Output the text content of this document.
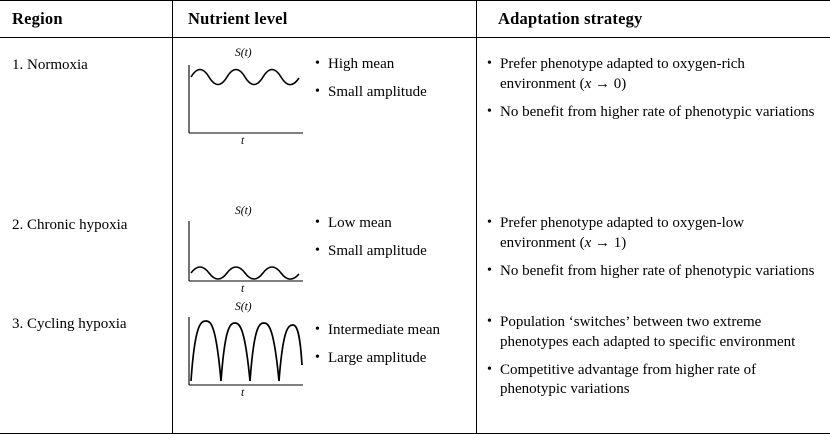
Region	Nutrient level	Adaptation strategy
1. Normoxia
S(t)
t
• High mean
• Small amplitude
• Prefer phenotype adapted to oxygen-rich environment (x → 0)
• No benefit from higher rate of phenotypic variations
2. Chronic hypoxia
S(t)
t
• Low mean
• Small amplitude
• Prefer phenotype adapted to oxygen-low environment (x → 1)
• No benefit from higher rate of phenotypic variations
3. Cycling hypoxia
S(t)
t
• Intermediate mean
• Large amplitude
• Population ‘switches’ between two extreme phenotypes each adapted to specific environment
• Competitive advantage from higher rate of phenotypic variations
